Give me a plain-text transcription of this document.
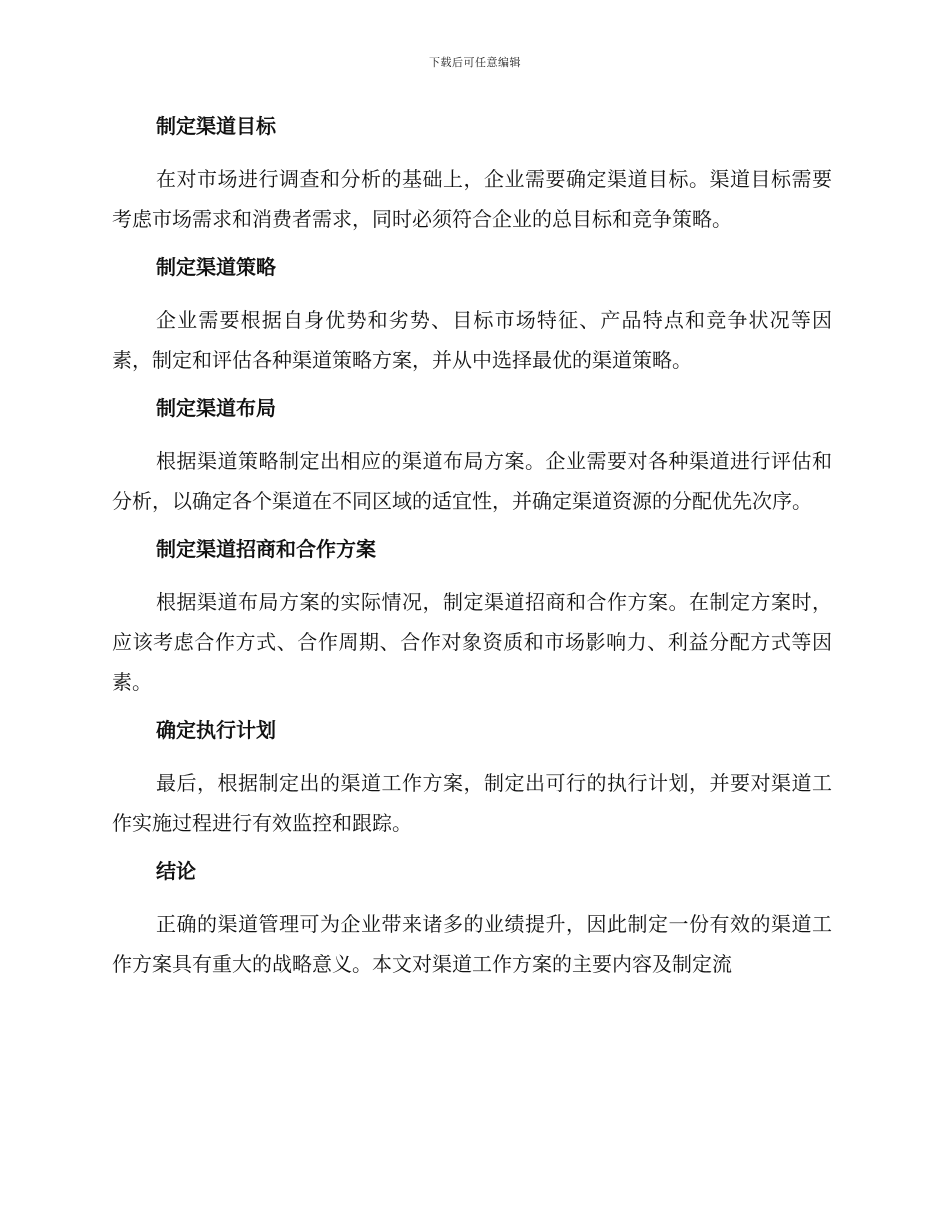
下载后可任意编辑
制定渠道目标

在对市场进行调查和分析的基础上，企业需要确定渠道目标。渠道目标需要考虑市场需求和消费者需求，同时必须符合企业的总目标和竞争策略。

制定渠道策略

企业需要根据自身优势和劣势、目标市场特征、产品特点和竞争状况等因素，制定和评估各种渠道策略方案，并从中选择最优的渠道策略。

制定渠道布局

根据渠道策略制定出相应的渠道布局方案。企业需要对各种渠道进行评估和分析，以确定各个渠道在不同区域的适宜性，并确定渠道资源的分配优先次序。

制定渠道招商和合作方案

根据渠道布局方案的实际情况，制定渠道招商和合作方案。在制定方案时，应该考虑合作方式、合作周期、合作对象资质和市场影响力、利益分配方式等因素。

确定执行计划

最后，根据制定出的渠道工作方案，制定出可行的执行计划，并要对渠道工作实施过程进行有效监控和跟踪。

结论

正确的渠道管理可为企业带来诸多的业绩提升，因此制定一份有效的渠道工作方案具有重大的战略意义。本文对渠道工作方案的主要内容及制定流
